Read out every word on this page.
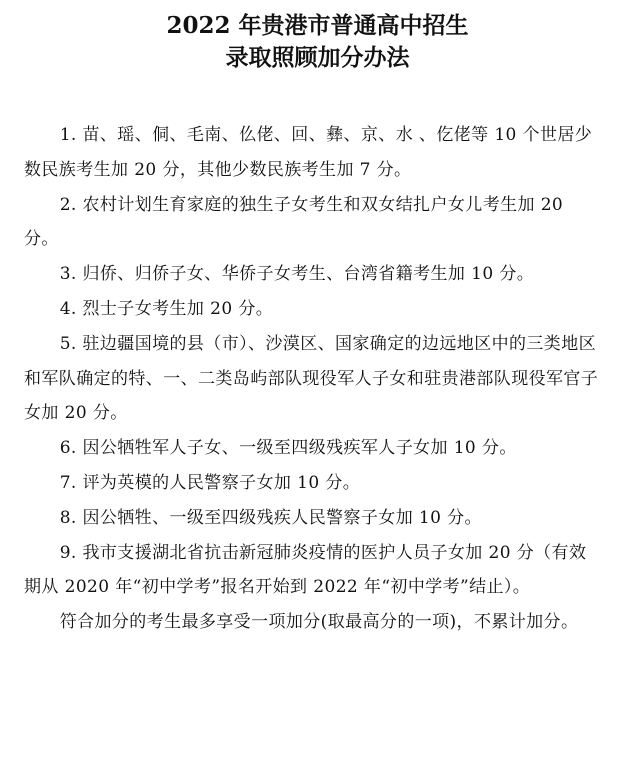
2022 年贵港市普通高中招生
录取照顾加分办法

1. 苗、瑶、侗、毛南、仫佬、回、彝、京、水 、仡佬等 10 个世居少数民族考生加 20 分，其他少数民族考生加 7 分。

2. 农村计划生育家庭的独生子女考生和双女结扎户女儿考生加 20 分。

3. 归侨、归侨子女、华侨子女考生、台湾省籍考生加 10 分。

4. 烈士子女考生加 20 分。

5. 驻边疆国境的县（市）、沙漠区、国家确定的边远地区中的三类地区和军队确定的特、一、二类岛屿部队现役军人子女和驻贵港部队现役军官子女加 20 分。

6. 因公牺牲军人子女、一级至四级残疾军人子女加 10 分。

7. 评为英模的人民警察子女加 10 分。

8. 因公牺牲、一级至四级残疾人民警察子女加 10 分。

9. 我市支援湖北省抗击新冠肺炎疫情的医护人员子女加 20 分（有效期从 2020 年“初中学考”报名开始到 2022 年“初中学考”结止）。

符合加分的考生最多享受一项加分(取最高分的一项)，不累计加分。
